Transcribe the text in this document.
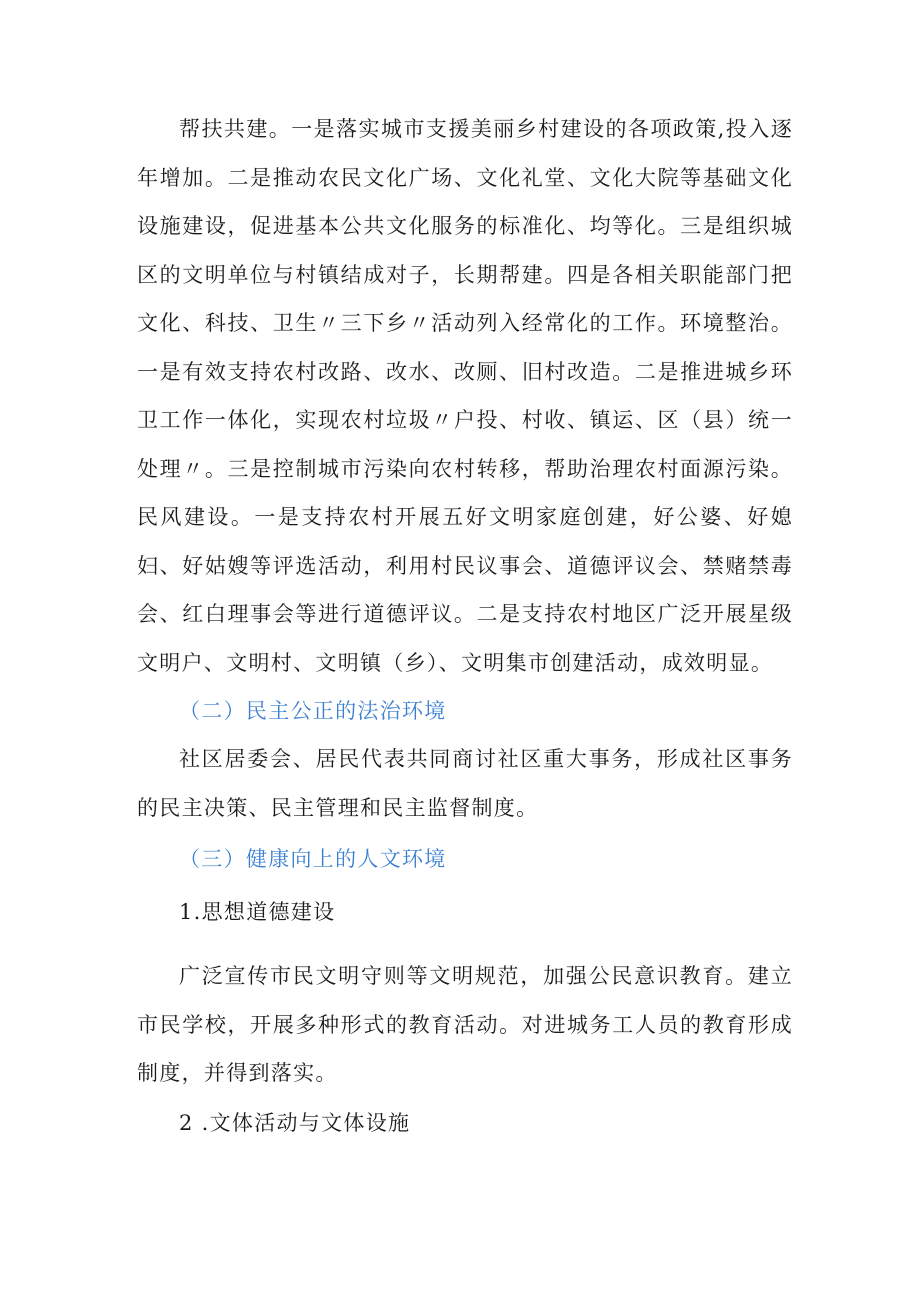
帮扶共建。一是落实城市支援美丽乡村建设的各项政策,投入逐年增加。二是推动农民文化广场、文化礼堂、文化大院等基础文化设施建设，促进基本公共文化服务的标准化、均等化。三是组织城区的文明单位与村镇结成对子，长期帮建。四是各相关职能部门把文化、科技、卫生〃三下乡〃活动列入经常化的工作。环境整治。一是有效支持农村改路、改水、改厕、旧村改造。二是推进城乡环卫工作一体化，实现农村垃圾〃户投、村收、镇运、区（县）统一处理〃。三是控制城市污染向农村转移，帮助治理农村面源污染。民风建设。一是支持农村开展五好文明家庭创建，好公婆、好媳妇、好姑嫂等评选活动，利用村民议事会、道德评议会、禁赌禁毒会、红白理事会等进行道德评议。二是支持农村地区广泛开展星级文明户、文明村、文明镇（乡）、文明集市创建活动，成效明显。

（二）民主公正的法治环境

社区居委会、居民代表共同商讨社区重大事务，形成社区事务的民主决策、民主管理和民主监督制度。

（三）健康向上的人文环境

1.思想道德建设

广泛宣传市民文明守则等文明规范，加强公民意识教育。建立市民学校，开展多种形式的教育活动。对进城务工人员的教育形成制度，并得到落实。

2 .文体活动与文体设施
